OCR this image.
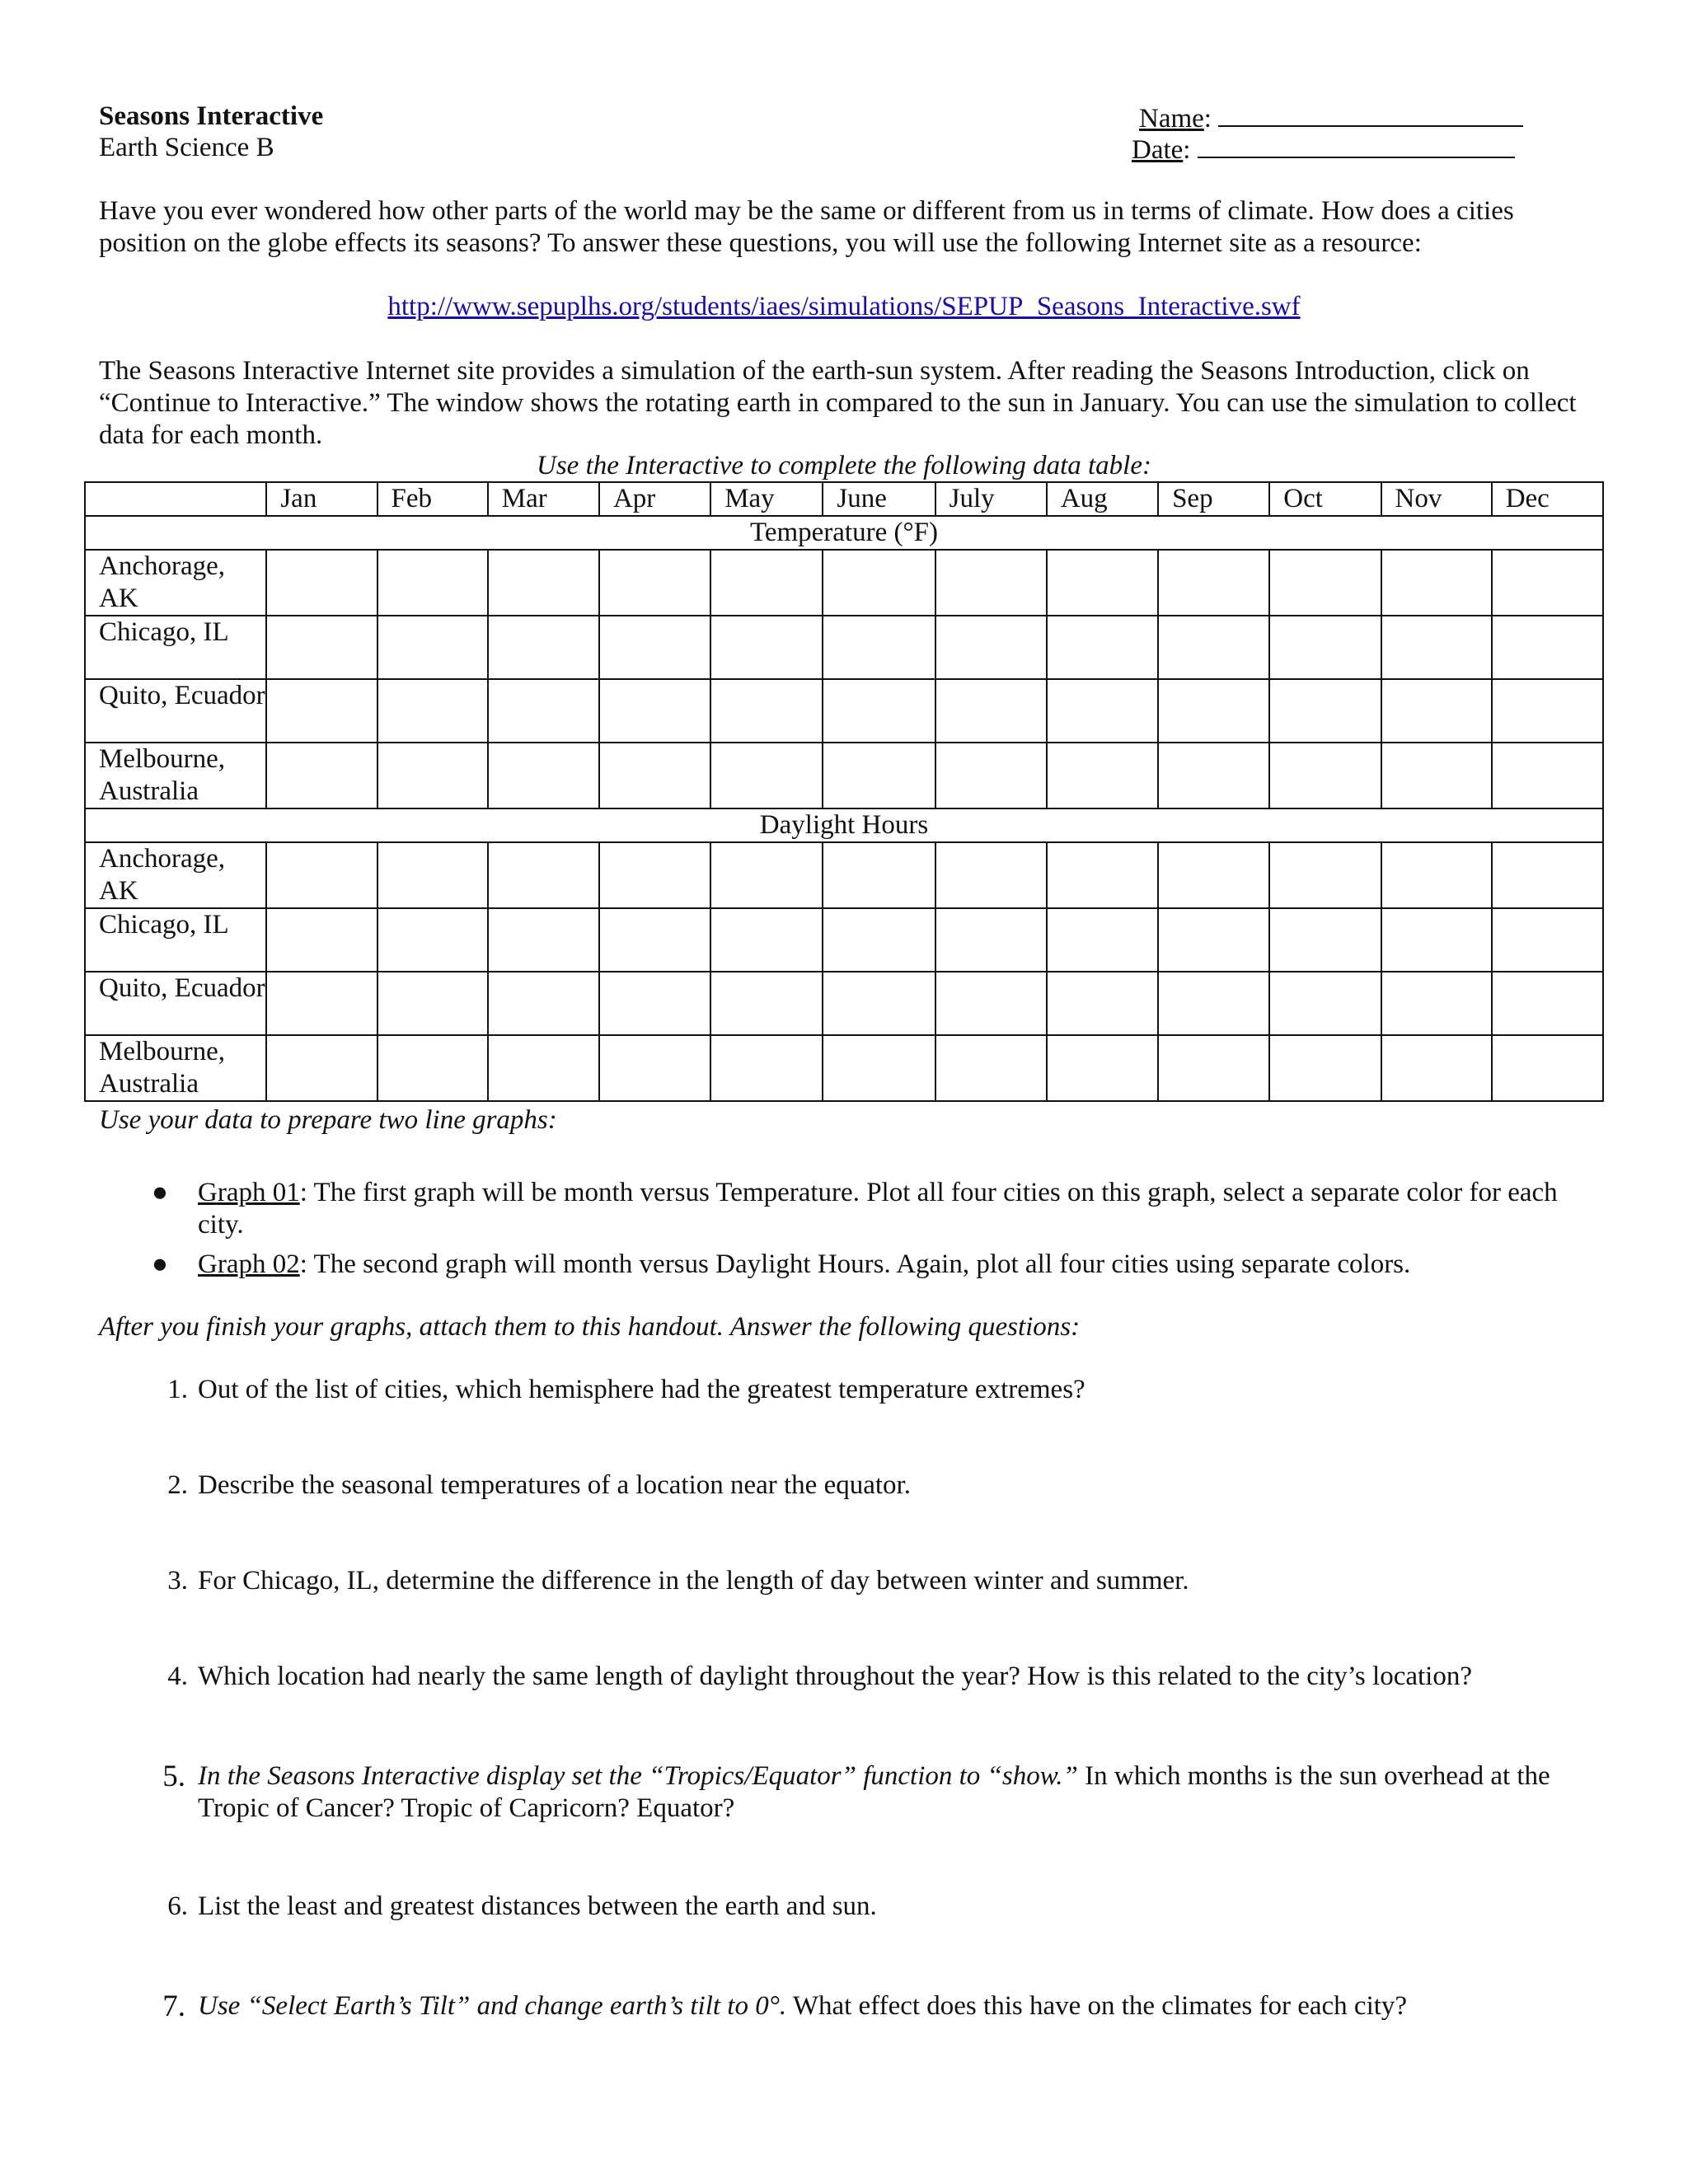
Seasons Interactive
Earth Science B
Name:
Date:
Have you ever wondered how other parts of the world may be the same or different from us in terms of climate. How does a cities position on the globe effects its seasons? To answer these questions, you will use the following Internet site as a resource:
http://www.sepuplhs.org/students/iaes/simulations/SEPUP_Seasons_Interactive.swf
The Seasons Interactive Internet site provides a simulation of the earth-sun system. After reading the Seasons Introduction, click on “Continue to Interactive.” The window shows the rotating earth in compared to the sun in January. You can use the simulation to collect data for each month.
Use the Interactive to complete the following data table:
	Jan	Feb	Mar	Apr	May	June	July	Aug	Sep	Oct	Nov	Dec
Temperature (°F)												
Anchorage, AK												
Chicago, IL												
Quito, Ecuador												
Melbourne, Australia												
Daylight Hours												
Anchorage, AK												
Chicago, IL												
Quito, Ecuador												
Melbourne, Australia												
Use your data to prepare two line graphs:
● Graph 01: The first graph will be month versus Temperature. Plot all four cities on this graph, select a separate color for each city.
● Graph 02: The second graph will month versus Daylight Hours. Again, plot all four cities using separate colors.
After you finish your graphs, attach them to this handout. Answer the following questions:
1. Out of the list of cities, which hemisphere had the greatest temperature extremes?
2. Describe the seasonal temperatures of a location near the equator.
3. For Chicago, IL, determine the difference in the length of day between winter and summer.
4. Which location had nearly the same length of daylight throughout the year? How is this related to the city’s location?
5. In the Seasons Interactive display set the “Tropics/Equator” function to “show.” In which months is the sun overhead at the Tropic of Cancer? Tropic of Capricorn? Equator?
6. List the least and greatest distances between the earth and sun.
7. Use “Select Earth’s Tilt” and change earth’s tilt to 0°. What effect does this have on the climates for each city?
